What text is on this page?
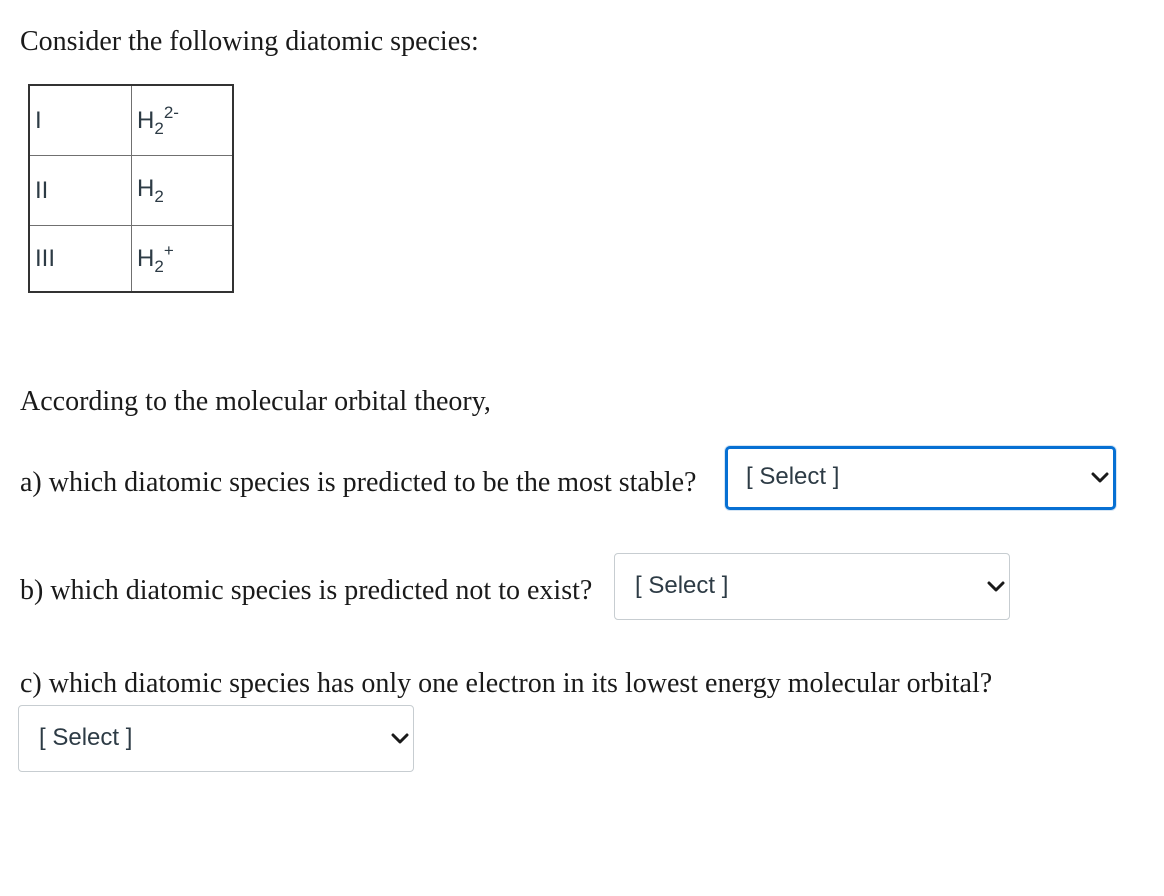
Consider the following diatomic species:

I	$H_2^{2-}$
II	$H_2$
III	$H_2^+$

According to the molecular orbital theory,

a) which diatomic species is predicted to be the most stable? [ Select ]

b) which diatomic species is predicted not to exist? [ Select ]

c) which diatomic species has only one electron in its lowest energy molecular orbital?

[ Select ]
